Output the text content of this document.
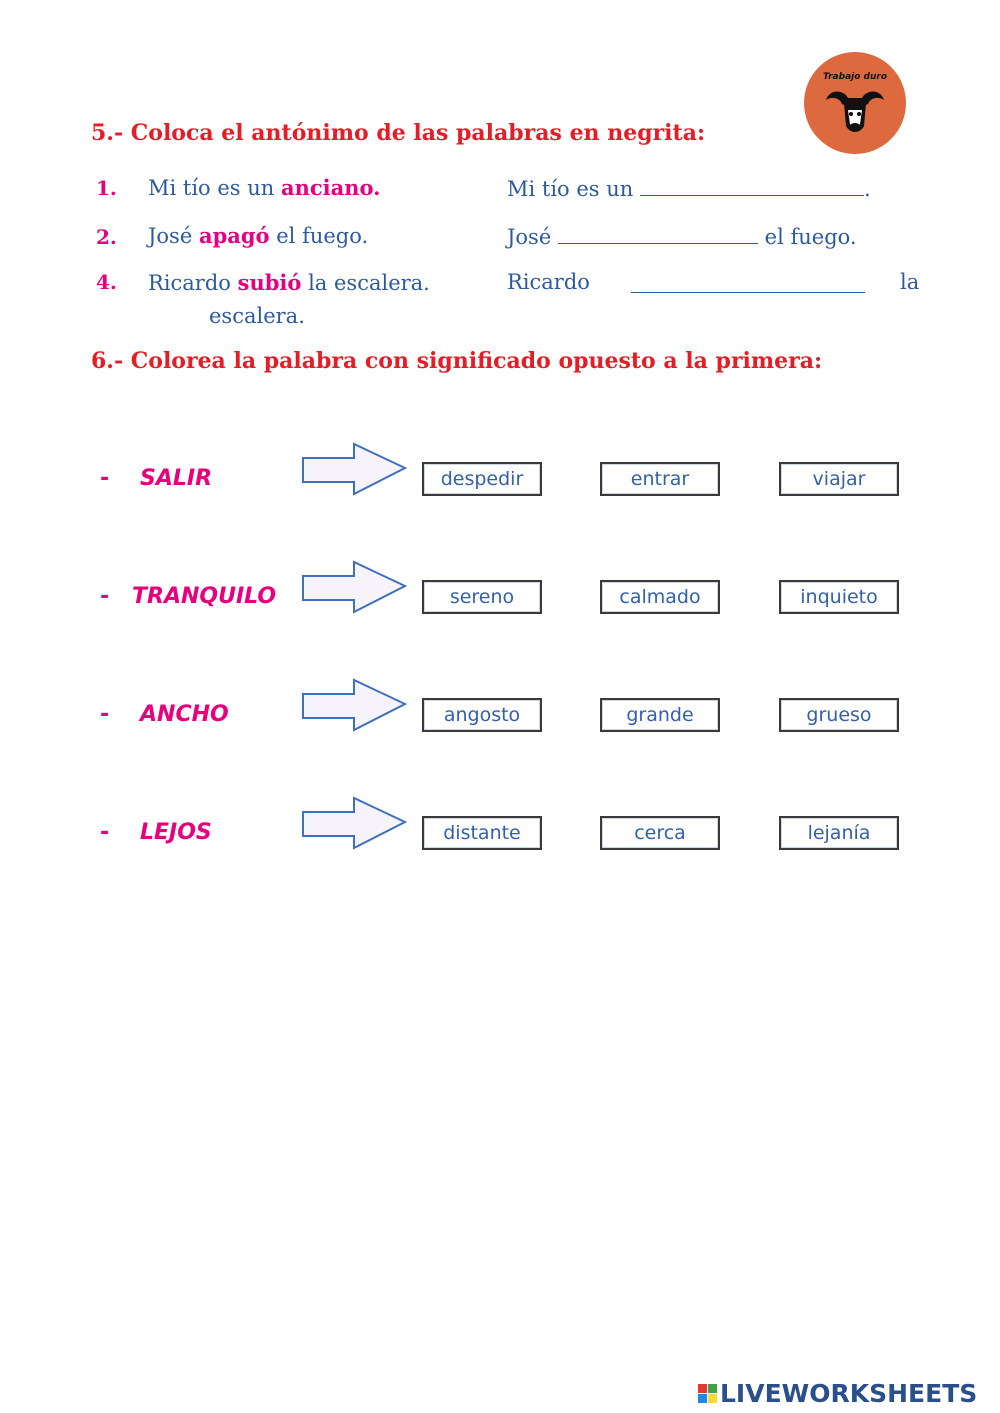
Trabajo duro
5.- Coloca el antónimo de las palabras en negrita:
1. Mi tío es un anciano.	Mi tío es un	.
2. José apagó el fuego.	José	el fuego.
4. Ricardo subió la escalera.	Ricardo	la
escalera.
6.- Colorea la palabra con significado opuesto a la primera:
- SALIR	despedir	entrar	viajar
- TRANQUILO	sereno	calmado	inquieto
- ANCHO	angosto	grande	grueso
- LEJOS	distante	cerca	lejanía
LIVEWORKSHEETS
